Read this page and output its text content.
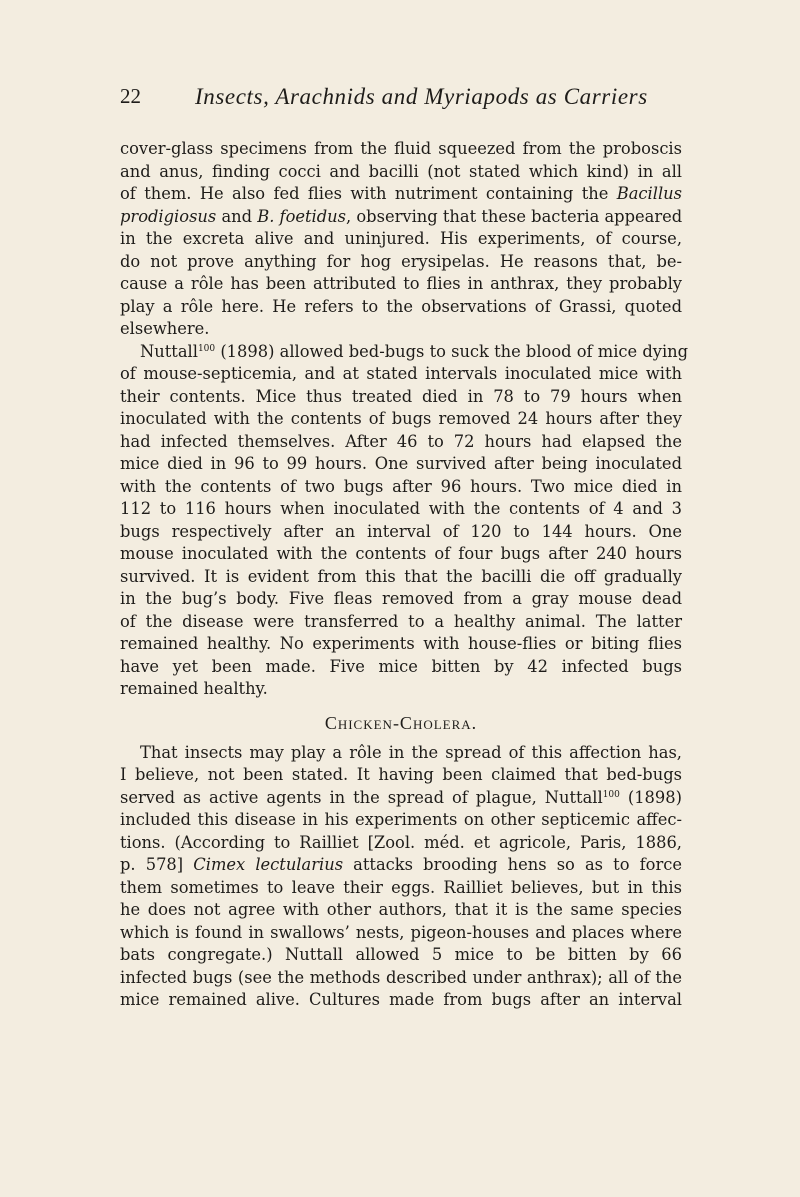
22 Insects, Arachnids and Myriapods as Carriers
cover-glass specimens from the fluid squeezed from the proboscis
and anus, finding cocci and bacilli (not stated which kind) in all
of them. He also fed flies with nutriment containing the Bacillus
prodigiosus and B. foetidus, observing that these bacteria appeared
in the excreta alive and uninjured. His experiments, of course,
do not prove anything for hog erysipelas. He reasons that, be-
cause a rôle has been attributed to flies in anthrax, they probably
play a rôle here. He refers to the observations of Grassi, quoted
elsewhere.
Nuttall$^{100}$ (1898) allowed bed-bugs to suck the blood of mice dying
of mouse-septicemia, and at stated intervals inoculated mice with
their contents. Mice thus treated died in 78 to 79 hours when
inoculated with the contents of bugs removed 24 hours after they
had infected themselves. After 46 to 72 hours had elapsed the
mice died in 96 to 99 hours. One survived after being inoculated
with the contents of two bugs after 96 hours. Two mice died in
112 to 116 hours when inoculated with the contents of 4 and 3
bugs respectively after an interval of 120 to 144 hours. One
mouse inoculated with the contents of four bugs after 240 hours
survived. It is evident from this that the bacilli die off gradually
in the bug’s body. Five fleas removed from a gray mouse dead
of the disease were transferred to a healthy animal. The latter
remained healthy. No experiments with house-flies or biting flies
have yet been made. Five mice bitten by 42 infected bugs
remained healthy.
Chicken-Cholera.
That insects may play a rôle in the spread of this affection has,
I believe, not been stated. It having been claimed that bed-bugs
served as active agents in the spread of plague, Nuttall$^{100}$ (1898)
included this disease in his experiments on other septicemic affec-
tions. (According to Railliet [Zool. méd. et agricole, Paris, 1886,
p. 578] Cimex lectularius attacks brooding hens so as to force
them sometimes to leave their eggs. Railliet believes, but in this
he does not agree with other authors, that it is the same species
which is found in swallows’ nests, pigeon-houses and places where
bats congregate.) Nuttall allowed 5 mice to be bitten by 66
infected bugs (see the methods described under anthrax); all of the
mice remained alive. Cultures made from bugs after an interval
